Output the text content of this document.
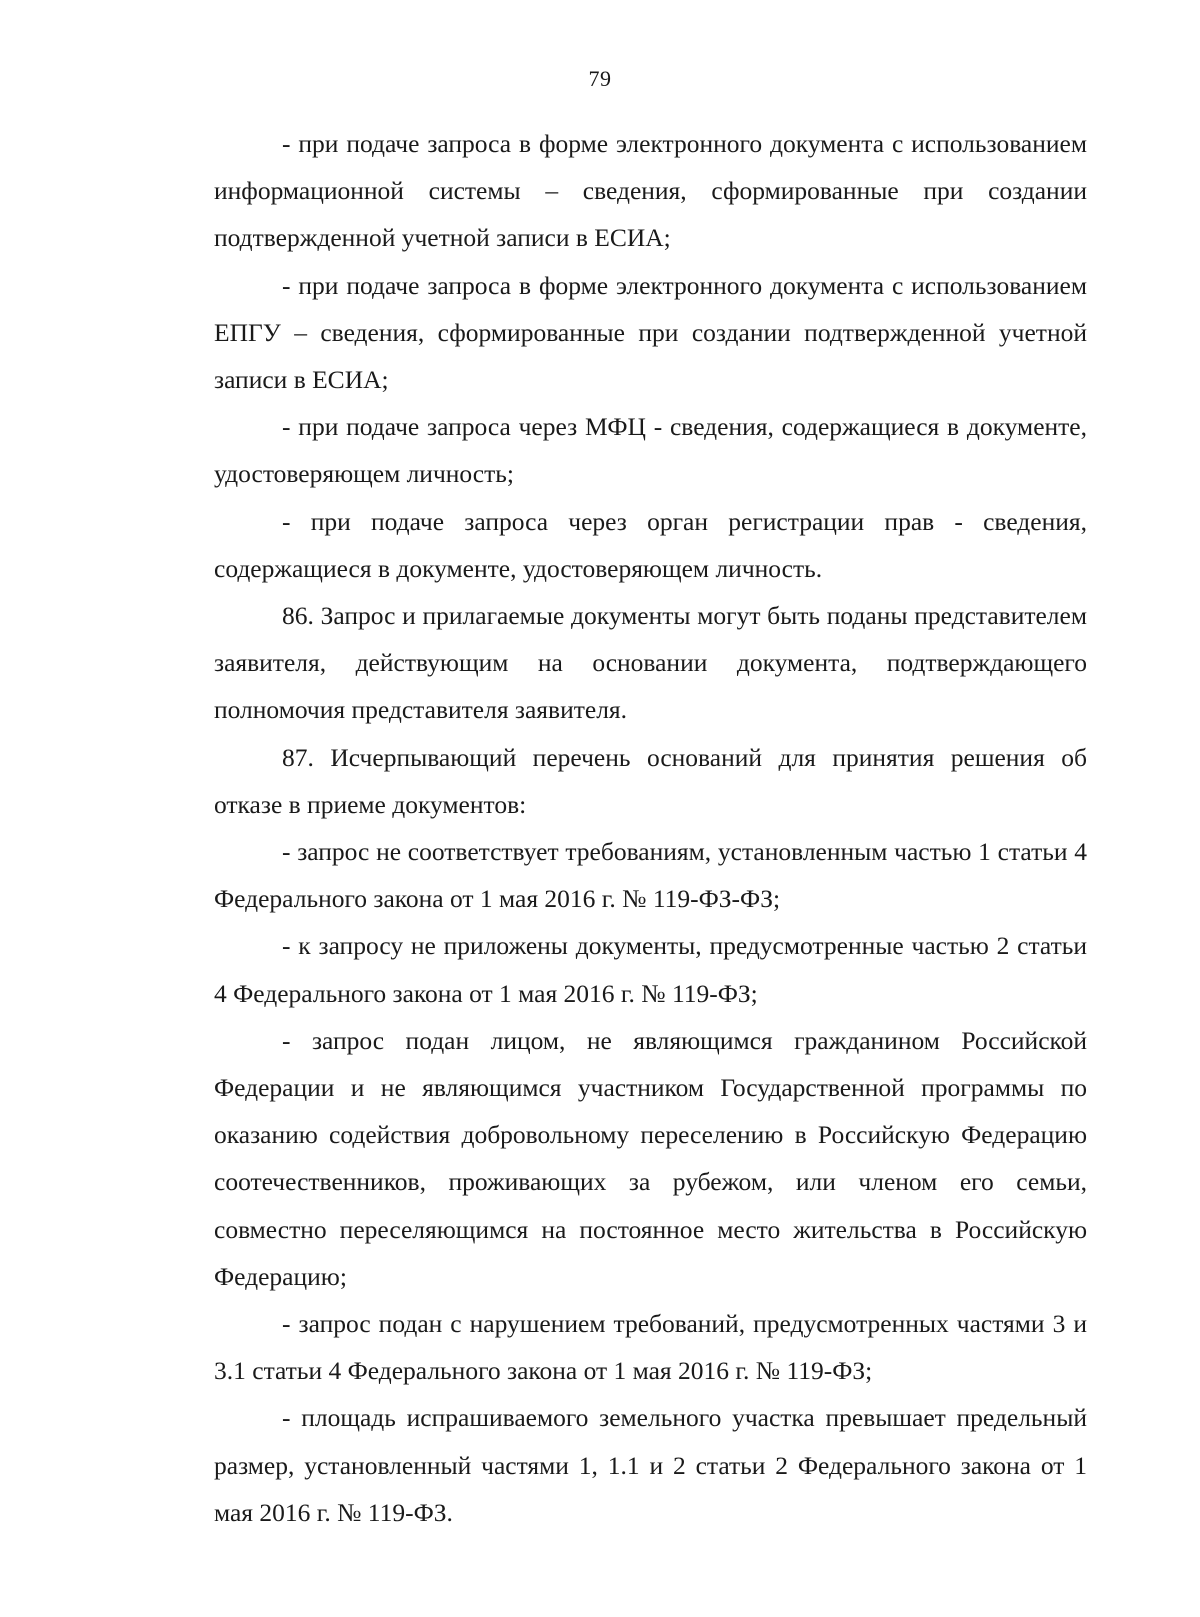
79

- при подаче запроса в форме электронного документа с использованием информационной системы – сведения, сформированные при создании подтвержденной учетной записи в ЕСИА;

- при подаче запроса в форме электронного документа с использованием ЕПГУ – сведения, сформированные при создании подтвержденной учетной записи в ЕСИА;

- при подаче запроса через МФЦ - сведения, содержащиеся в документе, удостоверяющем личность;

- при подаче запроса через орган регистрации прав - сведения, содержащиеся в документе, удостоверяющем личность.

86. Запрос и прилагаемые документы могут быть поданы представителем заявителя, действующим на основании документа, подтверждающего полномочия представителя заявителя.

87. Исчерпывающий перечень оснований для принятия решения об отказе в приеме документов:

- запрос не соответствует требованиям, установленным частью 1 статьи 4 Федерального закона от 1 мая 2016 г. № 119-ФЗ-ФЗ;

- к запросу не приложены документы, предусмотренные частью 2 статьи 4 Федерального закона от 1 мая 2016 г. № 119-ФЗ;

- запрос подан лицом, не являющимся гражданином Российской Федерации и не являющимся участником Государственной программы по оказанию содействия добровольному переселению в Российскую Федерацию соотечественников, проживающих за рубежом, или членом его семьи, совместно переселяющимся на постоянное место жительства в Российскую Федерацию;

- запрос подан с нарушением требований, предусмотренных частями 3 и 3.1 статьи 4 Федерального закона от 1 мая 2016 г. № 119-ФЗ;

- площадь испрашиваемого земельного участка превышает предельный размер, установленный частями 1, 1.1 и 2 статьи 2 Федерального закона от 1 мая 2016 г. № 119-ФЗ.
